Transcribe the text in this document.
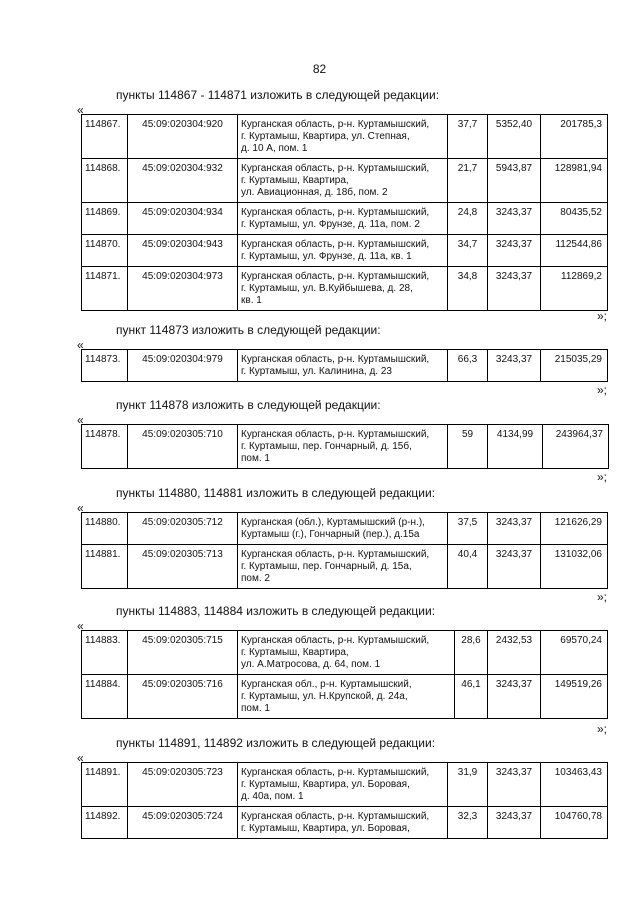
82
пункты 114867 - 114871 изложить в следующей редакции:
«
114867.	45:09:020304:920	Курганская область, р-н. Куртамышский,
г. Куртамыш, Квартира, ул. Степная,
д. 10 А, пом. 1	37,7	5352,40	201785,3
114868.	45:09:020304:932	Курганская область, р-н. Куртамышский,
г. Куртамыш, Квартира,
ул. Авиационная, д. 18б, пом. 2	21,7	5943,87	128981,94
114869.	45:09:020304:934	Курганская область, р-н. Куртамышский,
г. Куртамыш, ул. Фрунзе, д. 11а, пом. 2	24,8	3243,37	80435,52
114870.	45:09:020304:943	Курганская область, р-н. Куртамышский,
г. Куртамыш, ул. Фрунзе, д. 11а, кв. 1	34,7	3243,37	112544,86
114871.	45:09:020304:973	Курганская область, р-н. Куртамышский,
г. Куртамыш, ул. В.Куйбышева, д. 28,
кв. 1	34,8	3243,37	112869,2
»;
пункт 114873 изложить в следующей редакции:
«
114873.	45:09:020304:979	Курганская область, р-н. Куртамышский,
г. Куртамыш, ул. Калинина, д. 23
	66,3	3243,37	215035,29
»;
пункт 114878 изложить в следующей редакции:
«
114878.	45:09:020305:710	Курганская область, р-н. Куртамышский,
г. Куртамыш, пер. Гончарный, д. 15б,
пом. 1
	59	4134,99	243964,37
»;
пункты 114880, 114881 изложить в следующей редакции:
«
114880.	45:09:020305:712	Курганская (обл.), Куртамышский (р-н.),
Куртамыш (г.), Гончарный (пер.), д.15а	37,5	3243,37	121626,29
114881.	45:09:020305:713	Курганская область, р-н. Куртамышский,
г. Куртамыш, пер. Гончарный, д. 15а,
пом. 2	40,4	3243,37	131032,06
»;
пункты 114883, 114884 изложить в следующей редакции:
«
114883.	45:09:020305:715	Курганская область, р-н. Куртамышский,
г. Куртамыш, Квартира,
ул. А.Матросова, д. 64, пом. 1	28,6	2432,53	69570,24
114884.	45:09:020305:716	Курганская обл., р-н. Куртамышский,
г. Куртамыш, ул. Н.Крупской, д. 24а,
пом. 1	46,1	3243,37	149519,26
»;
пункты 114891, 114892 изложить в следующей редакции:
«
114891.	45:09:020305:723	Курганская область, р-н. Куртамышский,
г. Куртамыш, Квартира, ул. Боровая,
д. 40а, пом. 1	31,9	3243,37	103463,43
114892.	45:09:020305:724	Курганская область, р-н. Куртамышский,
г. Куртамыш, Квартира, ул. Боровая,	32,3	3243,37	104760,78
